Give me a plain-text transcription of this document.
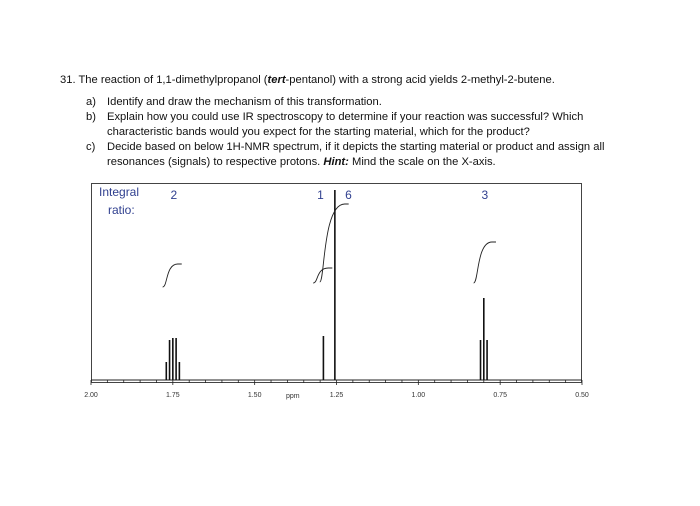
31. The reaction of 1,1-dimethylpropanol (tert-pentanol) with a strong acid yields 2-methyl-2-butene.
a) Identify and draw the mechanism of this transformation.
b) Explain how you could use IR spectroscopy to determine if your reaction was successful? Which
characteristic bands would you expect for the starting material, which for the product?
c) Decide based on below 1H-NMR spectrum, if it depicts the starting material or product and assign all
resonances (signals) to respective protons. Hint: Mind the scale on the X-axis.
Integral
ratio:
2.00	1.75	1.50	1.25	1.00	0.75	0.50
2	1 6	3
ppm
